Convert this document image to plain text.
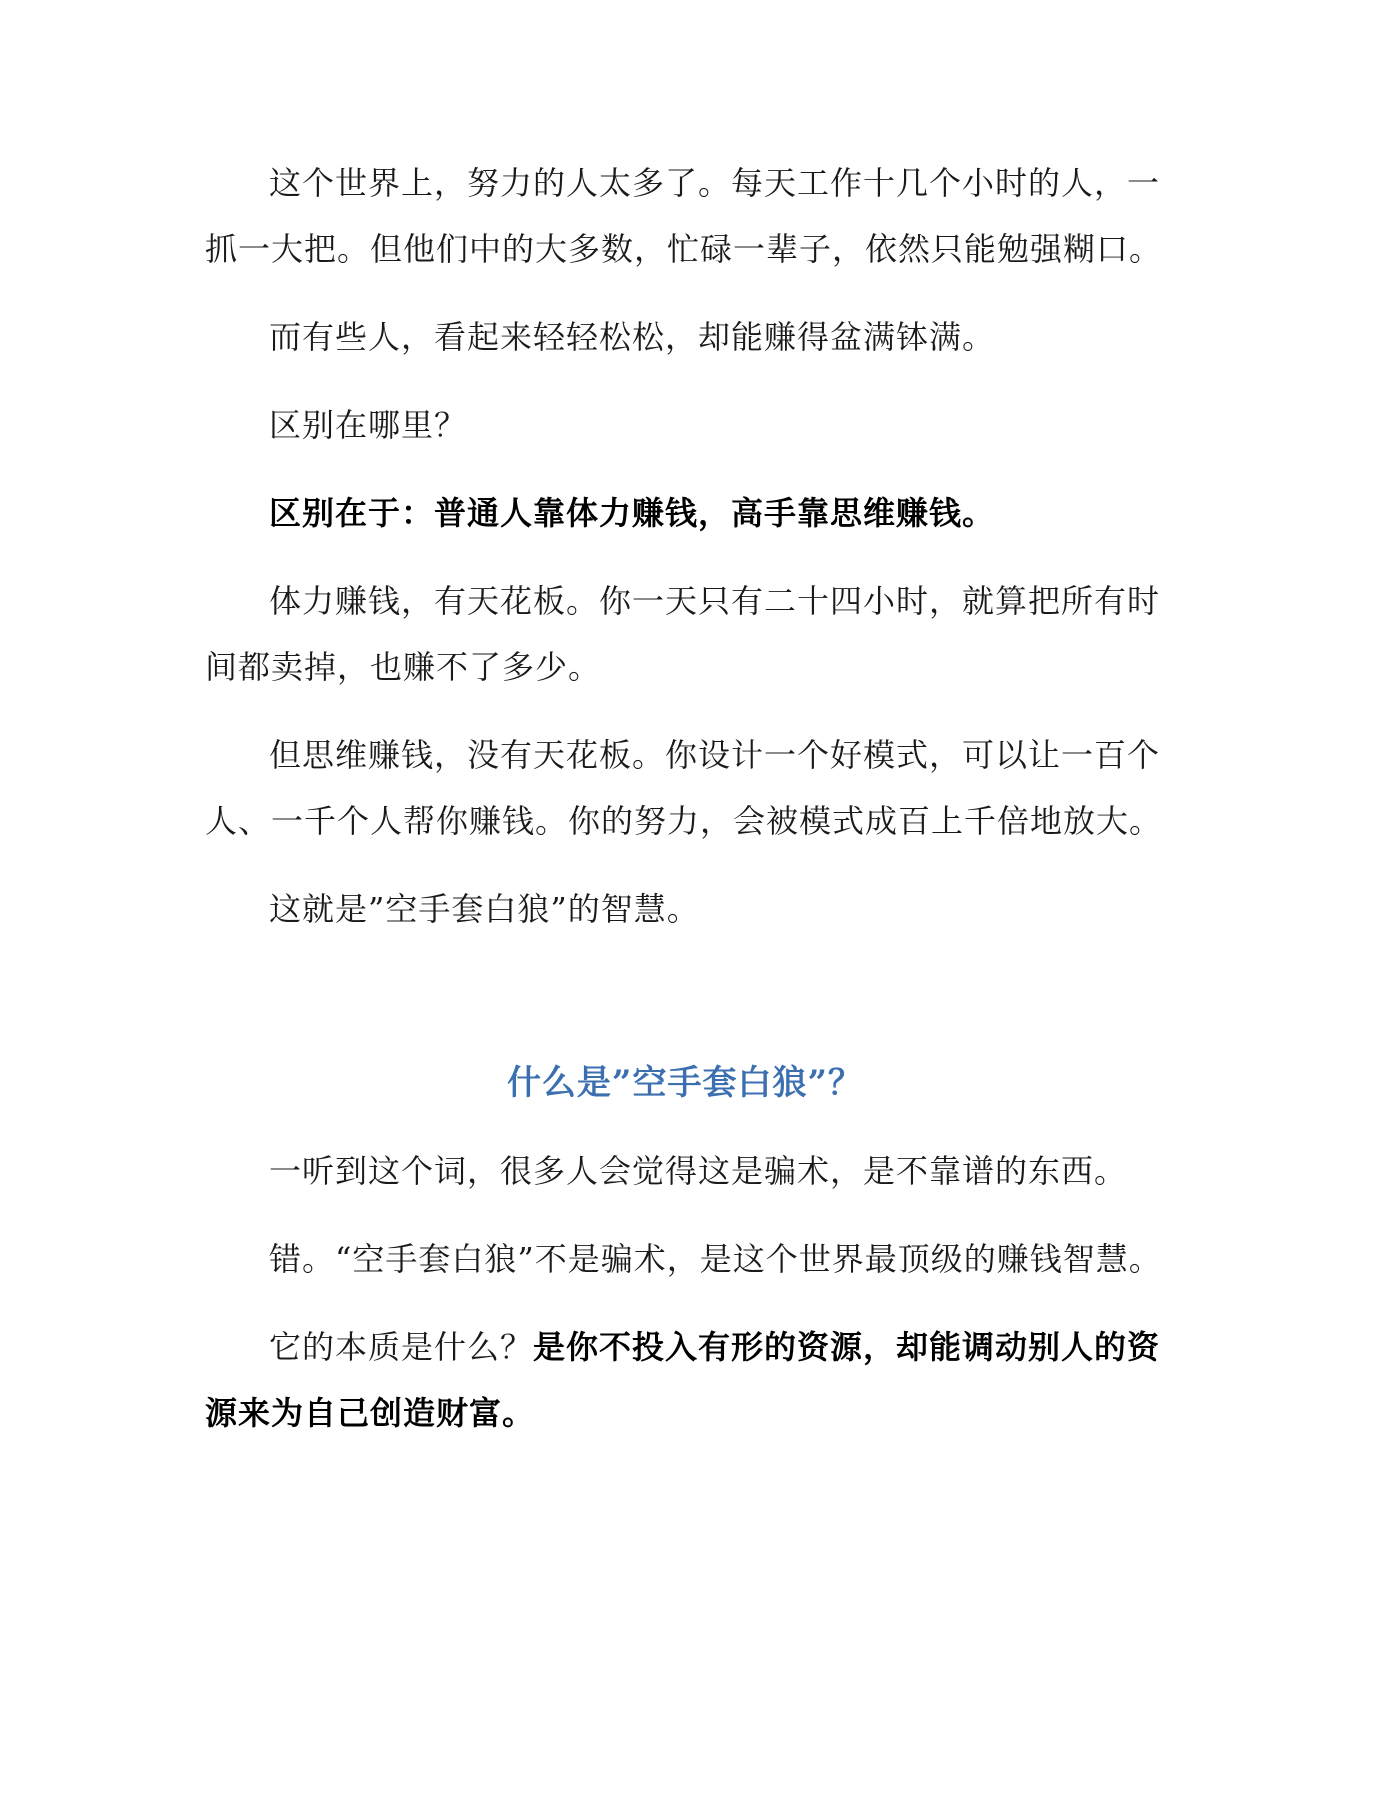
这个世界上，努力的人太多了。每天工作十几个小时的人，一抓一大把。但他们中的大多数，忙碌一辈子，依然只能勉强糊口。

而有些人，看起来轻轻松松，却能赚得盆满钵满。

区别在哪里？

区别在于：普通人靠体力赚钱，高手靠思维赚钱。

体力赚钱，有天花板。你一天只有二十四小时，就算把所有时间都卖掉，也赚不了多少。

但思维赚钱，没有天花板。你设计一个好模式，可以让一百个人、一千个人帮你赚钱。你的努力，会被模式成百上千倍地放大。

这就是”空手套白狼”的智慧。

什么是”空手套白狼”？

一听到这个词，很多人会觉得这是骗术，是不靠谱的东西。

错。“空手套白狼”不是骗术，是这个世界最顶级的赚钱智慧。

它的本质是什么？是你不投入有形的资源，却能调动别人的资源来为自己创造财富。
